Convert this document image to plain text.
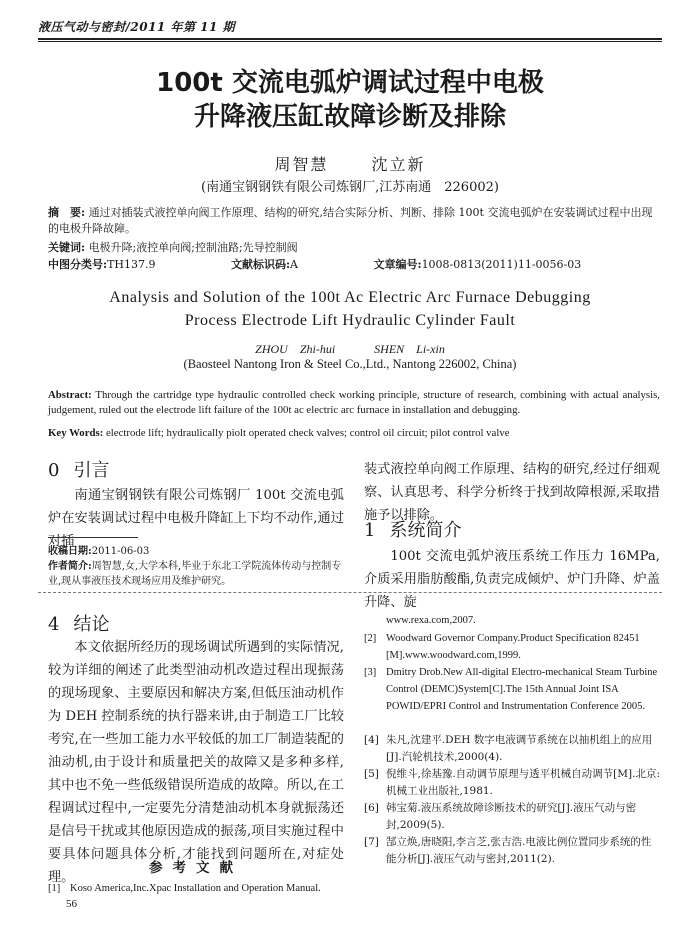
液压气动与密封/2011 年第 11 期
100t 交流电弧炉调试过程中电极
升降液压缸故障诊断及排除
周智慧	沈立新
(南通宝钢钢铁有限公司炼钢厂,江苏南通　226002)
摘　要: 通过对插装式液控单向阀工作原理、结构的研究,结合实际分析、判断、排除 100t 交流电弧炉在安装调试过程中出现的电极升降故障。
关键词: 电极升降;液控单向阀;控制油路;先导控制阀
中图分类号:TH137.9	文献标识码:A	文章编号:1008-0813(2011)11-0056-03
Analysis and Solution of the 100t Ac Electric Arc Furnace Debugging
Process Electrode Lift Hydraulic Cylinder Fault
ZHOU　Zhi-hui	SHEN　Li-xin
(Baosteel Nantong Iron & Steel Co.,Ltd., Nantong 226002, China)
Abstract: Through the cartridge type hydraulic controlled check working principle, structure of research, combining with actual analysis, judgement, ruled out the electrode lift failure of the 100t ac electric arc furnace in installation and debugging.
Key Words: electrode lift; hydraulically piolt operated check valves; control oil circuit; pilot control valve
0 引言
南通宝钢钢铁有限公司炼钢厂 100t 交流电弧炉在安装调试过程中电极升降缸上下均不动作,通过对插
收稿日期:2011-06-03
作者简介:周智慧,女,大学本科,毕业于东北工学院流体传动与控制专业,现从事液压技术现场应用及维护研究。
装式液控单向阀工作原理、结构的研究,经过仔细观察、认真思考、科学分析终于找到故障根源,采取措施予以排除。
1 系统简介
100t 交流电弧炉液压系统工作压力 16MPa, 介质采用脂肪酸酯,负责完成倾炉、炉门升降、炉盖升降、旋
4 结论
本文依据所经历的现场调试所遇到的实际情况,较为详细的阐述了此类型油动机改造过程出现振荡的现场现象、主要原因和解决方案,但低压油动机作为 DEH 控制系统的执行器来讲,由于制造工厂比较考究,在一些加工能力水平较低的加工厂制造装配的油动机,由于设计和质量把关的故障又是多种多样,其中也不免一些低级错误所造成的故障。所以,在工程调试过程中,一定要先分清楚油动机本身就振荡还是信号干扰或其他原因造成的振荡,项目实施过程中要具体问题具体分析,才能找到问题所在,对症处理。
参考文献
[1] Koso America,Inc.Xpac Installation and Operation Manual.
www.rexa.com,2007.
[2] Woodward Governor Company.Product Specification 82451 [M].www.woodward.com,1999.
[3] Dmitry Drob.New All-digital Electro-mechanical Steam Turbine Control (DEMC)System[C].The 15th Annual Joint ISA POWID/EPRI Control and Instrumentation Conference 2005.
[4] 朱凡,沈建平.DEH 数字电液调节系统在以抽机组上的应用[J].汽轮机技术,2000(4).
[5] 倪维斗,徐基豫.自动调节原理与透平机械自动调节[M].北京:机械工业出版社,1981.
[6] 韩宝菊.液压系统故障诊断技术的研究[J].液压气动与密封,2009(5).
[7] 郜立焕,唐晓阳,李言芝,张吉浩.电液比例位置同步系统的性能分析[J].液压气动与密封,2011(2).
56
